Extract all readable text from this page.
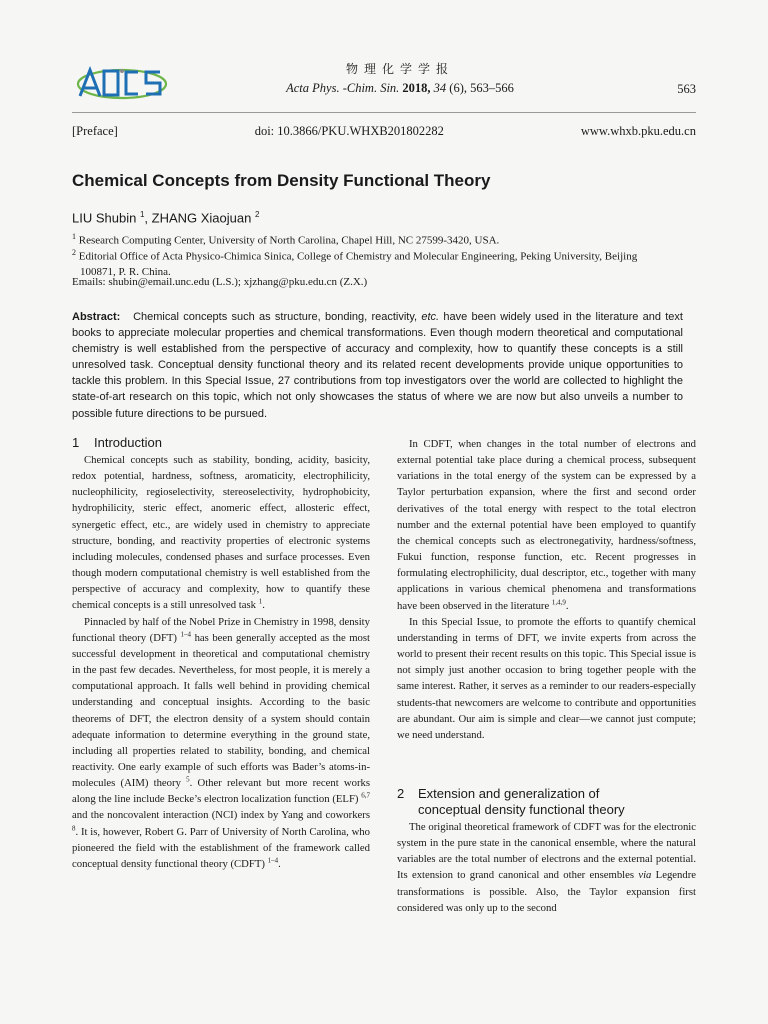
物理化学学报
Acta Phys. -Chim. Sin. 2018, 34 (6), 563–566	563
[Preface]	doi: 10.3866/PKU.WHXB201802282	www.whxb.pku.edu.cn
Chemical Concepts from Density Functional Theory
LIU Shubin $^1$, ZHANG Xiaojuan $^2$
$^1$ Research Computing Center, University of North Carolina, Chapel Hill, NC 27599-3420, USA.
$^2$ Editorial Office of Acta Physico-Chimica Sinica, College of Chemistry and Molecular Engineering, Peking University, Beijing
100871, P. R. China.
Emails: shubin@email.unc.edu (L.S.); xjzhang@pku.edu.cn (Z.X.)
Abstract: Chemical concepts such as structure, bonding, reactivity, etc. have been widely used in the literature and text books to appreciate molecular properties and chemical transformations. Even though modern theoretical and computational chemistry is well established from the perspective of accuracy and complexity, how to quantify these concepts is a still unresolved task. Conceptual density functional theory and its related recent developments provide unique opportunities to tackle this problem. In this Special Issue, 27 contributions from top investigators over the world are collected to highlight the state-of-art research on this topic, which not only showcases the status of where we are now but also unveils a number to possible future directions to be pursued.
1 Introduction

Chemical concepts such as stability, bonding, acidity, basicity, redox potential, hardness, softness, aromaticity, electrophilicity, nucleophilicity, regioselectivity, stereoselectivity, hydrophobicity, hydrophilicity, steric effect, anomeric effect, allosteric effect, synergetic effect, etc., are widely used in chemistry to appreciate structure, bonding, and reactivity properties of electronic systems including molecules, condensed phases and surface processes. Even though modern computational chemistry is well established from the perspective of accuracy and complexity, how to quantify these chemical concepts is a still unresolved task $^1$.

Pinnacled by half of the Nobel Prize in Chemistry in 1998, density functional theory (DFT) $^{1-4}$ has been generally accepted as the most successful development in theoretical and computational chemistry in the past few decades. Nevertheless, for most people, it is merely a computational approach. It falls well behind in providing chemical understanding and conceptual insights. According to the basic theorems of DFT, the electron density of a system should contain adequate information to determine everything in the ground state, including all properties related to stability, bonding, and chemical reactivity. One early example of such efforts was Bader’s atoms-in-molecules (AIM) theory $^5$. Other relevant but more recent works along the line include Becke’s electron localization function (ELF) $^{6,7}$ and the noncovalent interaction (NCI) index by Yang and coworkers $^8$. It is, however, Robert G. Parr of University of North Carolina, who pioneered the field with the establishment of the framework called conceptual density functional theory (CDFT) $^{1-4}$.

In CDFT, when changes in the total number of electrons and external potential take place during a chemical process, subsequent variations in the total energy of the system can be expressed by a Taylor perturbation expansion, where the first and second order derivatives of the total energy with respect to the total electron number and the external potential have been employed to quantify the chemical concepts such as electronegativity, hardness/softness, Fukui function, response function, etc. Recent progresses in formulating electrophilicity, dual descriptor, etc., together with many applications in various chemical phenomena and transformations have been observed in the literature $^{1,4,9}$.

In this Special Issue, to promote the efforts to quantify chemical understanding in terms of DFT, we invite experts from across the world to present their recent results on this topic. This Special issue is not simply just another occasion to bring together people with the same interest. Rather, it serves as a reminder to our readers-especially students-that newcomers are welcome to contribute and opportunities are abundant. Our aim is simple and clear—we cannot just compute; we need understand.

2 Extension and generalization of
conceptual density functional theory

The original theoretical framework of CDFT was for the electronic system in the pure state in the canonical ensemble, where the natural variables are the total number of electrons and the external potential. Its extension to grand canonical and other ensembles via Legendre transformations is possible. Also, the Taylor expansion first considered was only up to the second
